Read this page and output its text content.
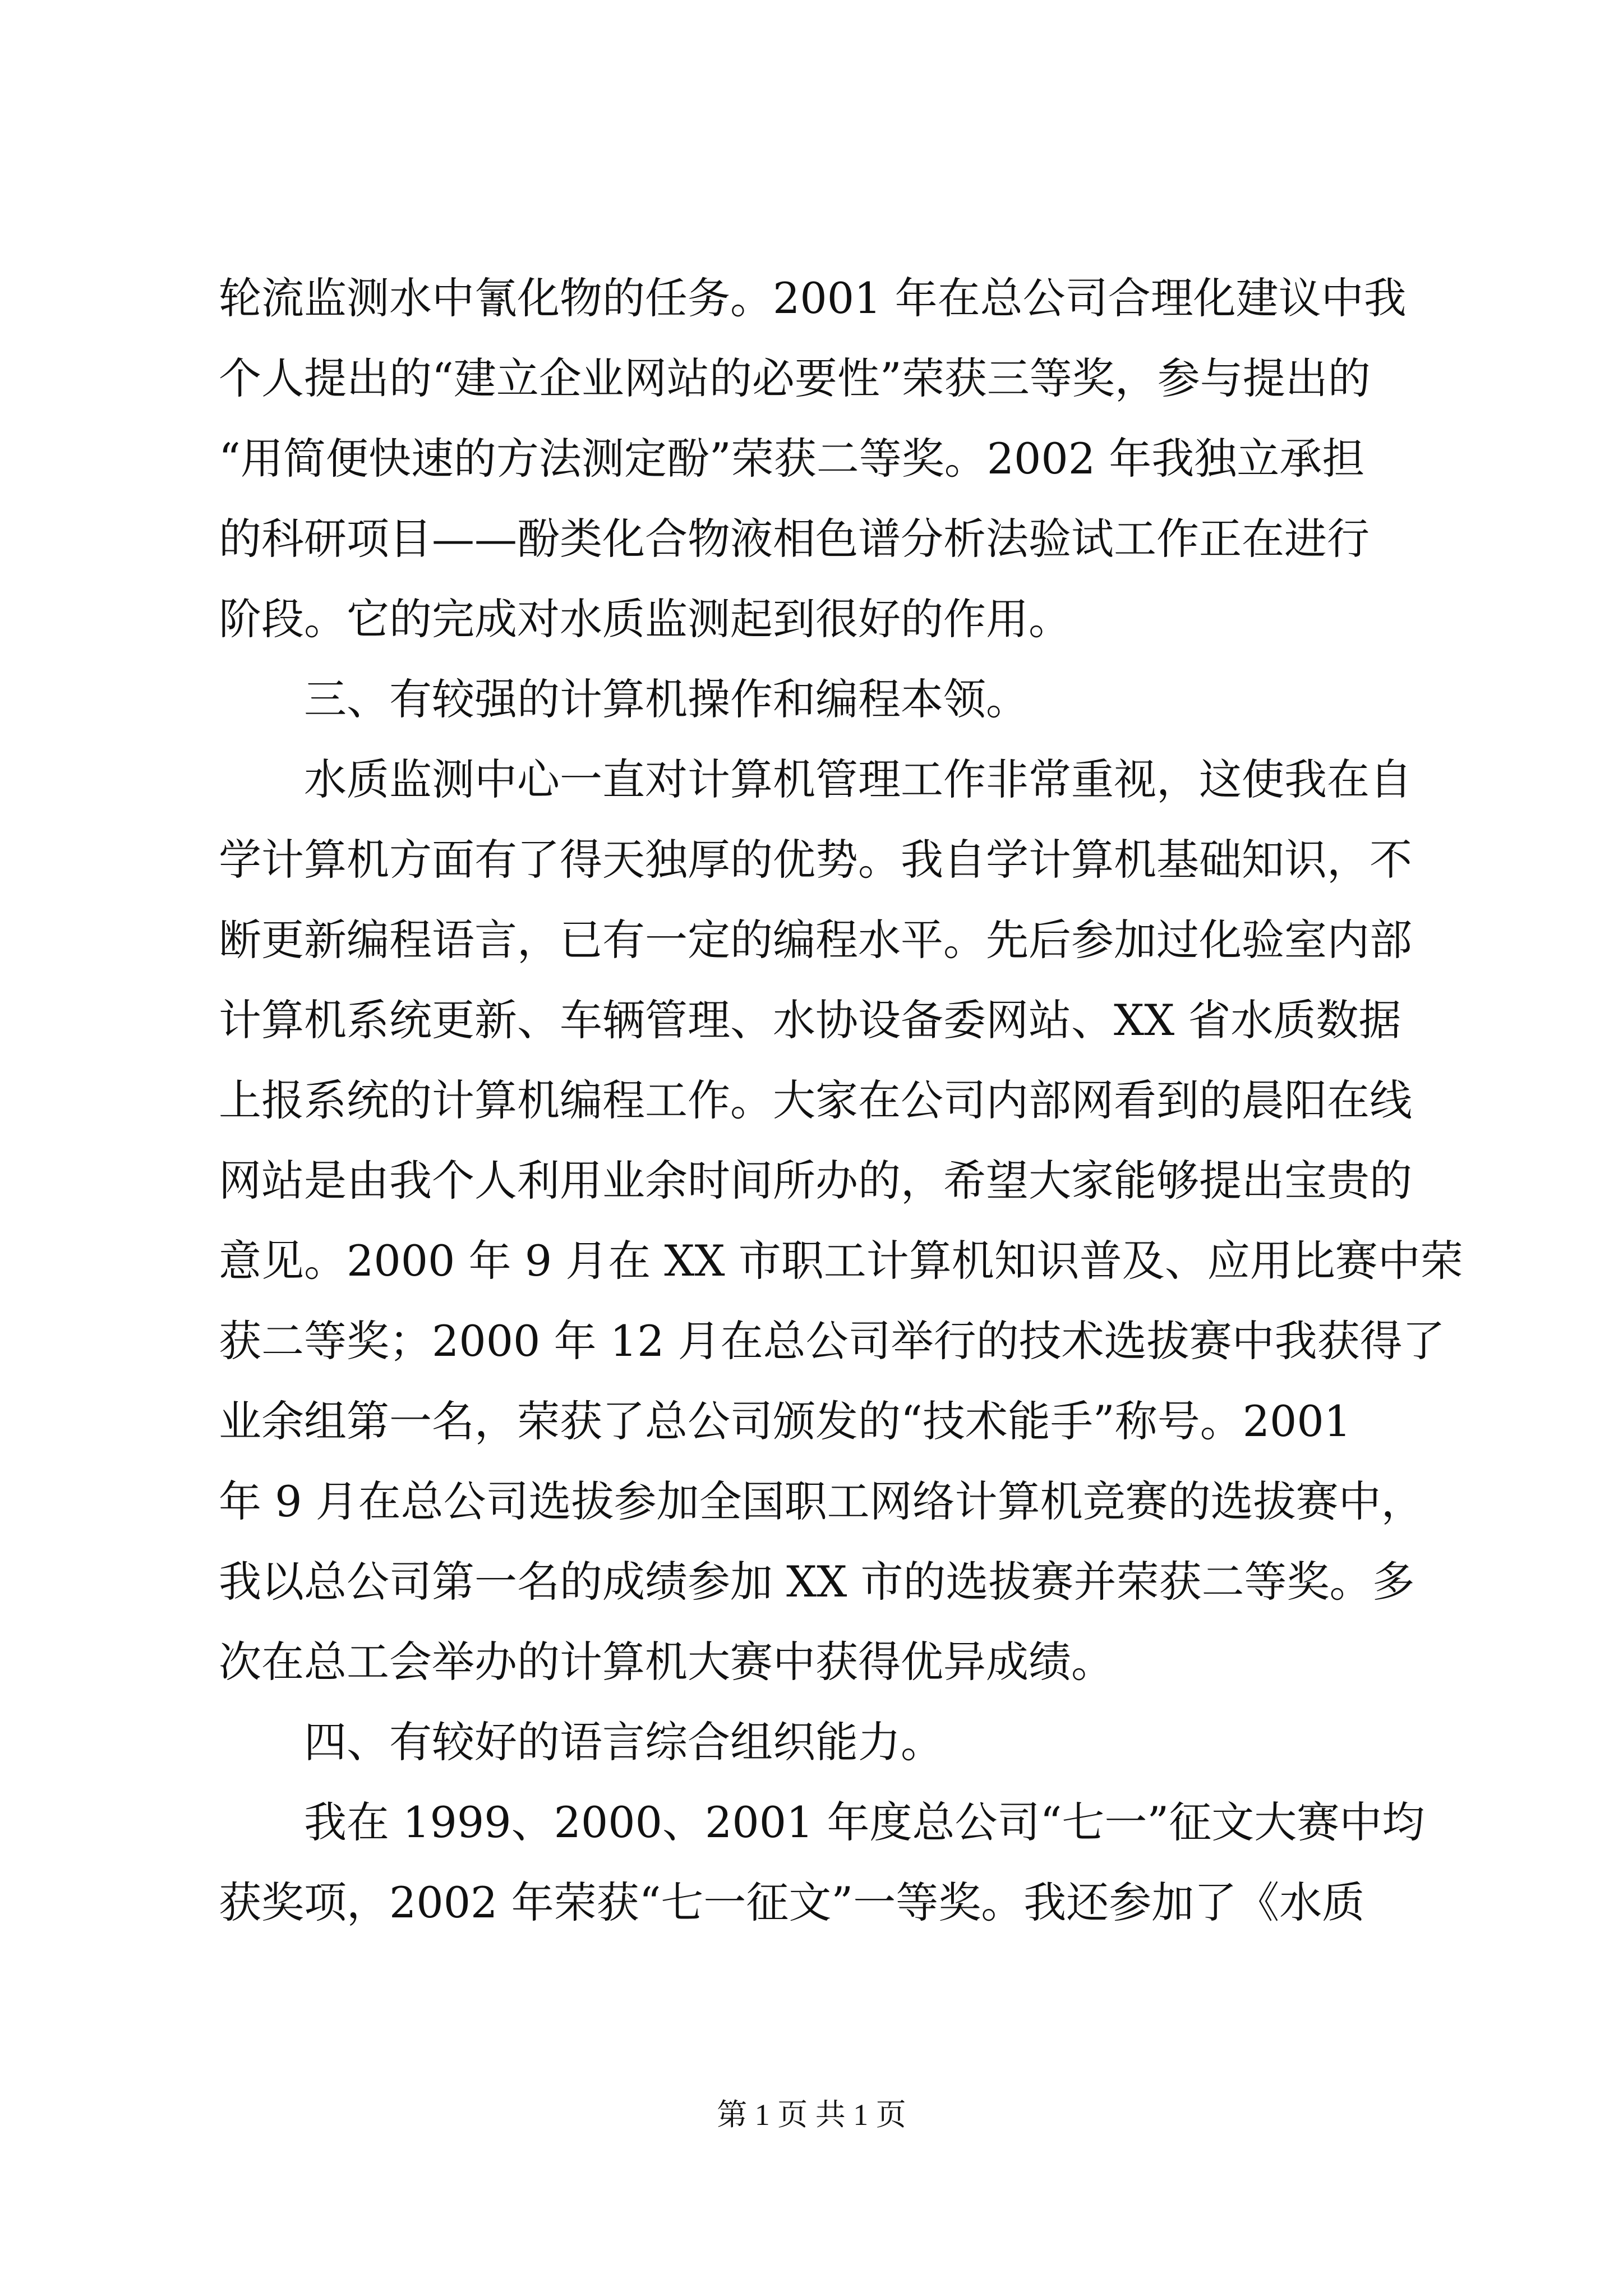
轮流监测水中氰化物的任务。2001 年在总公司合理化建议中我
个人提出的“建立企业网站的必要性”荣获三等奖，参与提出的
“用简便快速的方法测定酚”荣获二等奖。2002 年我独立承担
的科研项目——酚类化合物液相色谱分析法验试工作正在进行
阶段。它的完成对水质监测起到很好的作用。
三、有较强的计算机操作和编程本领。
水质监测中心一直对计算机管理工作非常重视，这使我在自
学计算机方面有了得天独厚的优势。我自学计算机基础知识，不
断更新编程语言，已有一定的编程水平。先后参加过化验室内部
计算机系统更新、车辆管理、水协设备委网站、XX 省水质数据
上报系统的计算机编程工作。大家在公司内部网看到的晨阳在线
网站是由我个人利用业余时间所办的，希望大家能够提出宝贵的
意见。2000 年 9 月在 XX 市职工计算机知识普及、应用比赛中荣
获二等奖；2000 年 12 月在总公司举行的技术选拔赛中我获得了
业余组第一名，荣获了总公司颁发的“技术能手”称号。2001
年 9 月在总公司选拔参加全国职工网络计算机竞赛的选拔赛中，
我以总公司第一名的成绩参加 XX 市的选拔赛并荣获二等奖。多
次在总工会举办的计算机大赛中获得优异成绩。
四、有较好的语言综合组织能力。
我在 1999、2000、2001 年度总公司“七一”征文大赛中均
获奖项，2002 年荣获“七一征文”一等奖。我还参加了《水质
第 1 页 共 1 页
